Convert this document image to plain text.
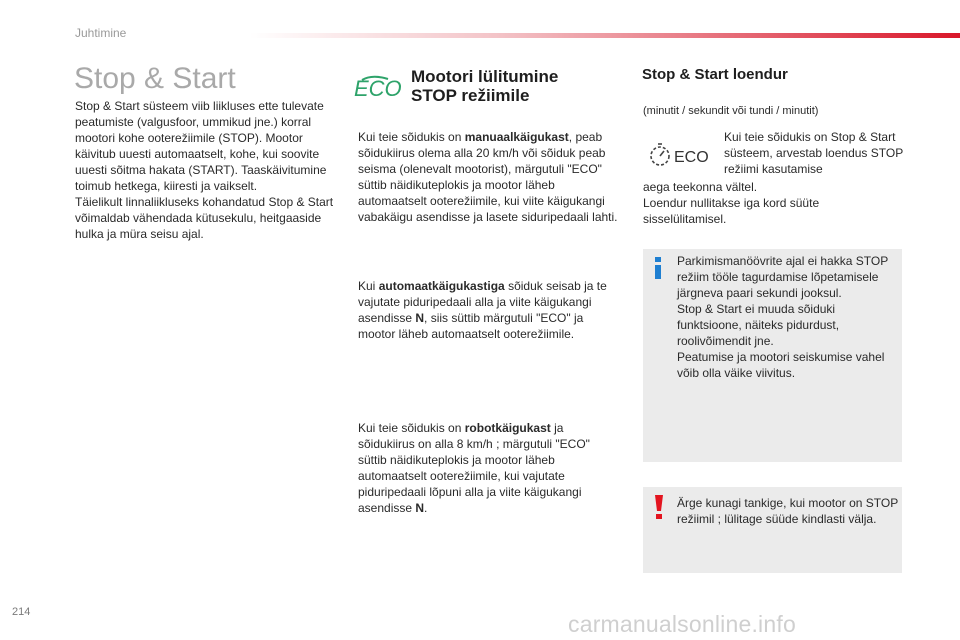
Juhtimine
Stop & Start
Stop & Start süsteem viib liikluses ette tulevate peatumiste (valgusfoor, ummikud jne.) korral mootori kohe ooterežiimile (STOP). Mootor käivitub uuesti automaatselt, kohe, kui soovite uuesti sõitma hakata (START). Taaskäivitumine toimub hetkega, kiiresti ja vaikselt.
Täielikult linnaliikluseks kohandatud Stop & Start võimaldab vähendada kütusekulu, heitgaaside hulka ja müra seisu ajal.
ECO Mootori lülitumine STOP režiimile
Kui teie sõidukis on manuaalkäigukast, peab sõidukiirus olema alla 20 km/h või sõiduk peab seisma (olenevalt mootorist), märgutuli "ECO" süttib näidikuteplokis ja mootor läheb automaatselt ooterežiimile, kui viite käigukangi vabakäigu asendisse ja lasete siduripedaali lahti.
Kui automaatkäigukastiga sõiduk seisab ja te vajutate piduripedaali alla ja viite käigukangi asendisse N, siis süttib märgutuli "ECO" ja mootor läheb automaatselt ooterežiimile.
Kui teie sõidukis on robotkäigukast ja sõidukiirus on alla 8 km/h ; märgutuli "ECO" süttib näidikuteplokis ja mootor läheb automaatselt ooterežiimile, kui vajutate piduripedaali lõpuni alla ja viite käigukangi asendisse N.
Stop & Start loendur
(minutit / sekundit või tundi / minutit)
ECO
Kui teie sõidukis on Stop & Start süsteem, arvestab loendus STOP režiimi kasutamise
aega teekonna vältel.
Loendur nullitakse iga kord süüte sisselülitamisel.
Parkimismanöövrite ajal ei hakka STOP režiim tööle tagurdamise lõpetamisele järgneva paari sekundi jooksul.
Stop & Start ei muuda sõiduki funktsioone, näiteks pidurdust, roolivõimendit jne.
Peatumise ja mootori seiskumise vahel võib olla väike viivitus.
Ärge kunagi tankige, kui mootor on STOP režiimil ; lülitage süüde kindlasti välja.
214	carmanualsonline.info
